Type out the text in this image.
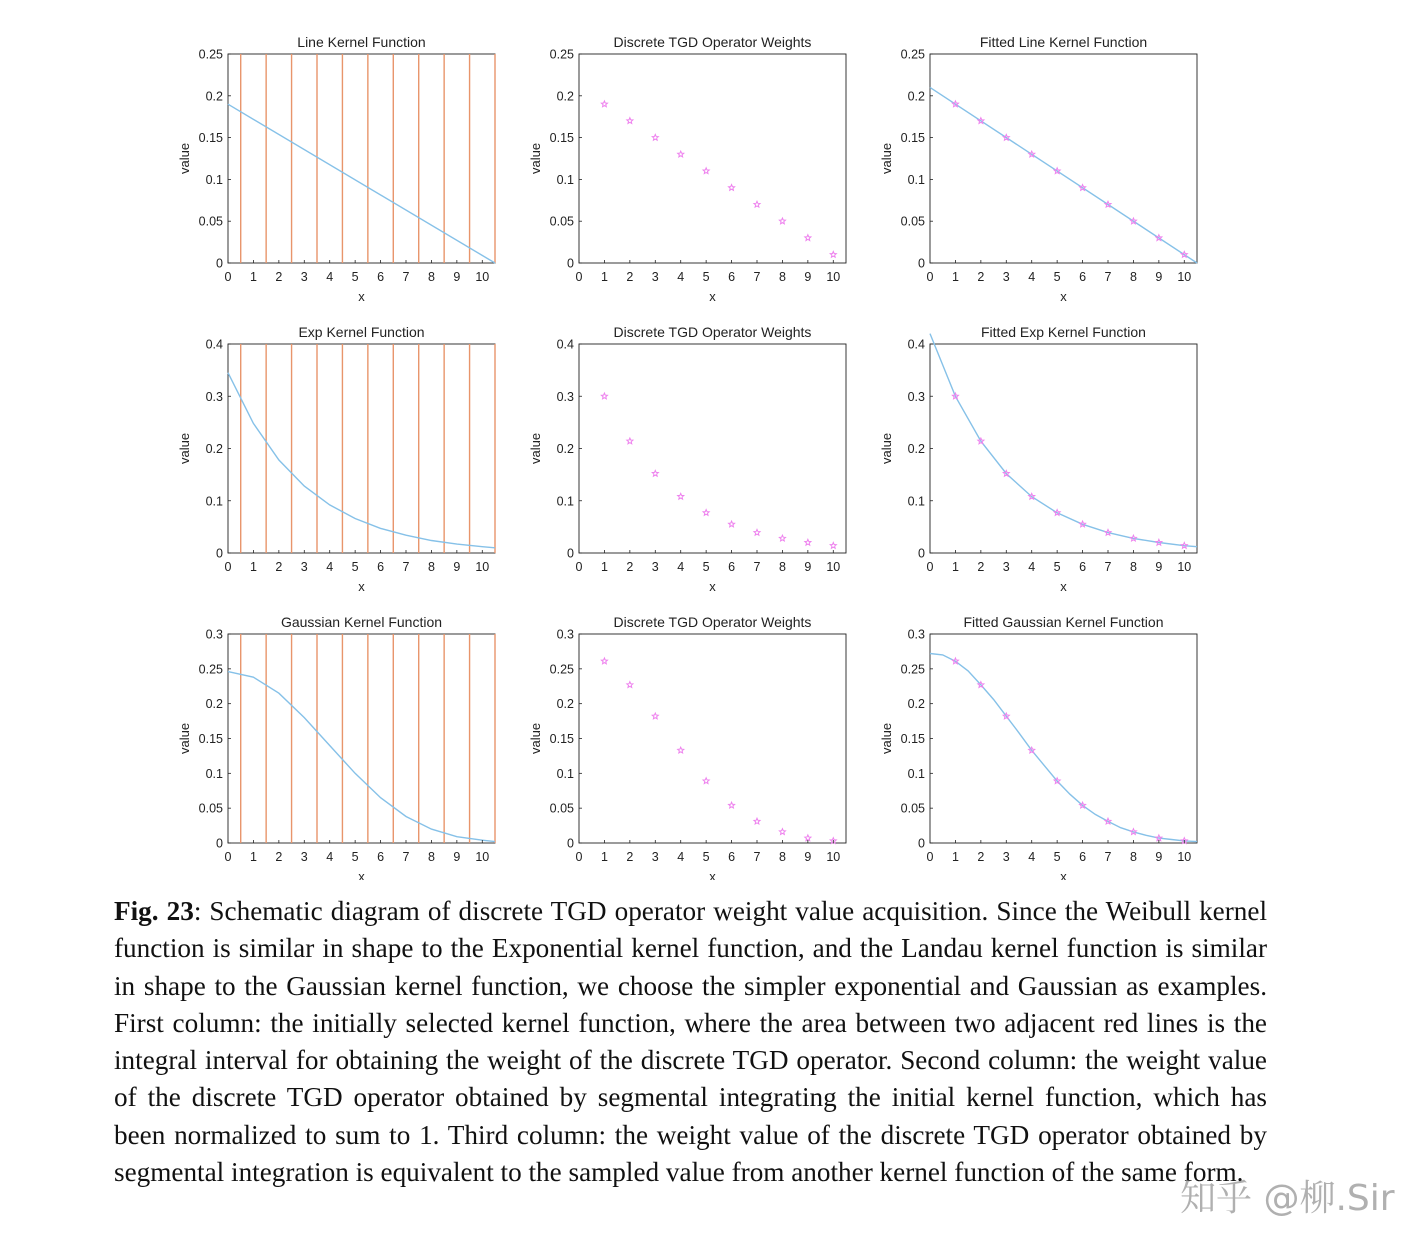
0 1 2 3 4 5 6 7 8 9 10
0
0.05
0.1
0.15
0.2
0.25
Line Kernel Function
x
value
0 1 2 3 4 5 6 7 8 9 10
0
0.05
0.1
0.15
0.2
0.25
Discrete TGD Operator Weights
x
value
0 1 2 3 4 5 6 7 8 9 10
0
0.05
0.1
0.15
0.2
0.25
Fitted Line Kernel Function
x
value
0 1 2 3 4 5 6 7 8 9 10
0
0.1
0.2
0.3
0.4
Exp Kernel Function
x
value
0 1 2 3 4 5 6 7 8 9 10
0
0.1
0.2
0.3
0.4
Discrete TGD Operator Weights
x
value
0 1 2 3 4 5 6 7 8 9 10
0
0.1
0.2
0.3
0.4
Fitted Exp Kernel Function
x
value
0 1 2 3 4 5 6 7 8 9 10
0
0.05
0.1
0.15
0.2
0.25
0.3
Gaussian Kernel Function
x
value
0 1 2 3 4 5 6 7 8 9 10
0
0.05
0.1
0.15
0.2
0.25
0.3
Discrete TGD Operator Weights
x
value
0 1 2 3 4 5 6 7 8 9 10
0
0.05
0.1
0.15
0.2
0.25
0.3
Fitted Gaussian Kernel Function
x
value

Fig. 23: Schematic diagram of discrete TGD operator weight value acquisition. Since the Weibull kernel function is similar in shape to the Exponential kernel function, and the Landau kernel function is similar in shape to the Gaussian kernel function, we choose the simpler exponential and Gaussian as examples. First column: the initially selected kernel function, where the area between two adjacent red lines is the integral interval for obtaining the weight of the discrete TGD operator. Second column: the weight value of the discrete TGD operator obtained by segmental integrating the initial kernel function, which has been normalized to sum to 1. Third column: the weight value of the discrete TGD operator obtained by segmental integration is equivalent to the sampled value from another kernel function of the same form.

知乎 @柳.Sir
